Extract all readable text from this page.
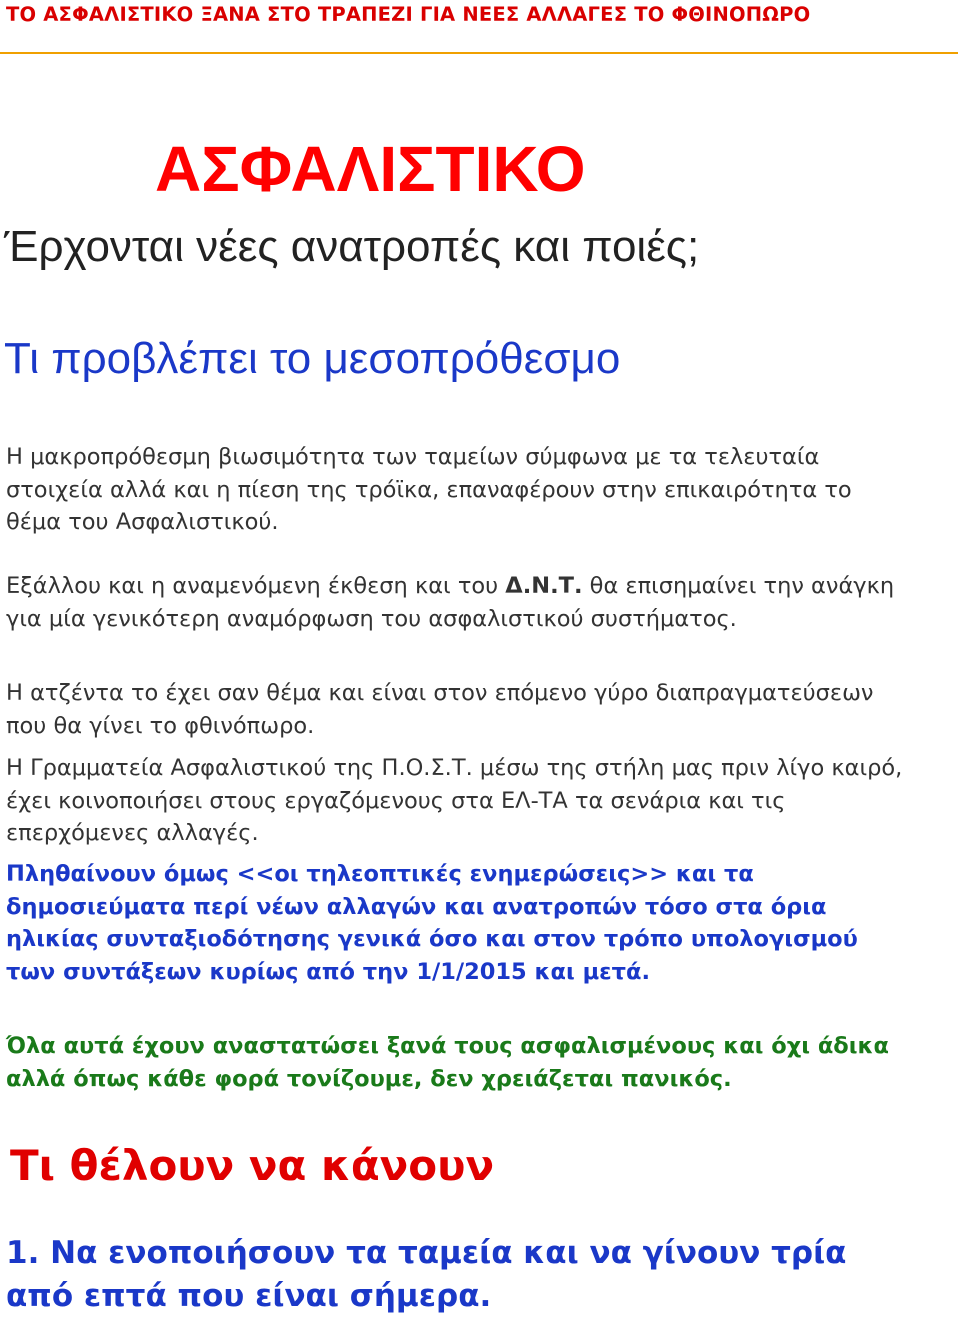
ΤΟ ΑΣΦΑΛΙΣΤΙΚΟ ΞΑΝΑ ΣΤΟ ΤΡΑΠΕΖΙ ΓΙΑ ΝΕΕΣ ΑΛΛΑΓΕΣ ΤΟ ΦΘΙΝΟΠΩΡΟ
ΑΣΦΑΛΙΣΤΙΚΟ
Έρχονται νέες ανατροπές και ποιές;
Τι προβλέπει το μεσοπρόθεσμο

Η μακροπρόθεσμη βιωσιμότητα των ταμείων σύμφωνα με τα τελευταία στοιχεία αλλά και η πίεση της τρόϊκα, επαναφέρουν στην επικαιρότητα το θέμα του Ασφαλιστικού.

Εξάλλου και η αναμενόμενη έκθεση και του Δ.Ν.Τ. θα επισημαίνει την ανάγκη για μία γενικότερη αναμόρφωση του ασφαλιστικού συστήματος.

Η ατζέντα το έχει σαν θέμα και είναι στον επόμενο γύρο διαπραγματεύσεων που θα γίνει το φθινόπωρο.

Η Γραμματεία Ασφαλιστικού της Π.Ο.Σ.Τ. μέσω της στήλη μας πριν λίγο καιρό, έχει κοινοποιήσει στους εργαζόμενους στα ΕΛ-ΤΑ τα σενάρια και τις επερχόμενες αλλαγές.

Πληθαίνουν όμως <<οι τηλεοπτικές ενημερώσεις>> και τα δημοσιεύματα περί νέων αλλαγών και ανατροπών τόσο στα όρια ηλικίας συνταξιοδότησης γενικά όσο και στον τρόπο υπολογισμού των συντάξεων κυρίως από την 1/1/2015 και μετά.

Όλα αυτά έχουν αναστατώσει ξανά τους ασφαλισμένους και όχι άδικα αλλά όπως κάθε φορά τονίζουμε, δεν χρειάζεται πανικός.

Τι θέλουν να κάνουν
1. Να ενοποιήσουν τα ταμεία και να γίνουν τρία από επτά που είναι σήμερα.
